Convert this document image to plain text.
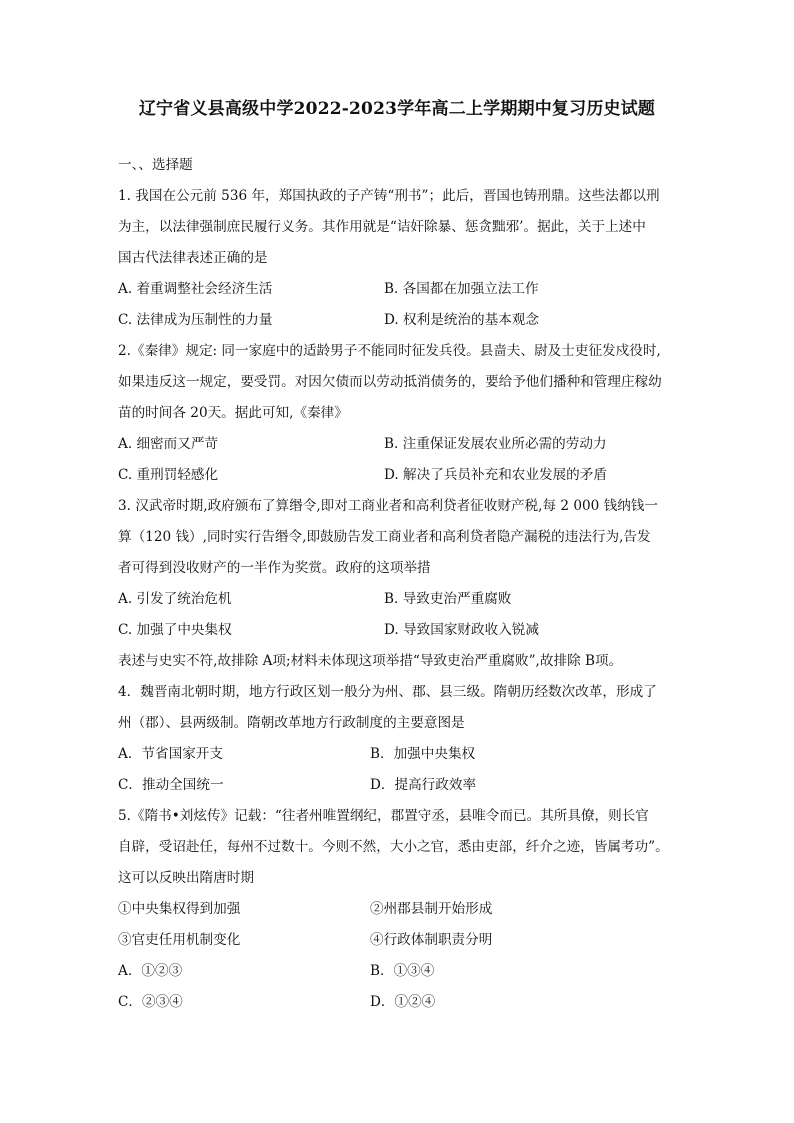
辽宁省义县高级中学2022-2023学年高二上学期期中复习历史试题
一、、选择题
1. 我国在公元前 536 年，郑国执政的子产铸“刑书”；此后，晋国也铸刑鼎。这些法都以刑
为主，以法律强制庶民履行义务。其作用就是“诘奸除暴、惩贪黜邪’。据此，关于上述中
国古代法律表述正确的是
A. 着重调整社会经济生活	B. 各国都在加强立法工作
C. 法律成为压制性的力量	D. 权利是统治的基本观念
2.《秦律》规定: 同一家庭中的适龄男子不能同时征发兵役。县啬夫、尉及士吏征发戍役时,
如果违反这一规定，要受罚。对因欠债而以劳动抵消债务的，要给予他们播种和管理庄稼幼
苗的时间各 20天。据此可知,《秦律》
A. 细密而又严苛	B. 注重保证发展农业所必需的劳动力
C. 重刑罚轻感化	D. 解决了兵员补充和农业发展的矛盾
3. 汉武帝时期,政府颁布了算缗令,即对工商业者和高利贷者征收财产税,每 2 000 钱纳钱一
算（120 钱）,同时实行告缗令,即鼓励告发工商业者和高利贷者隐产漏税的违法行为,告发
者可得到没收财产的一半作为奖赏。政府的这项举措
A. 引发了统治危机	B. 导致吏治严重腐败
C. 加强了中央集权	D. 导致国家财政收入锐减
表述与史实不符,故排除 A项;材料未体现这项举措“导致吏治严重腐败”,故排除 B项。
4．魏晋南北朝时期，地方行政区划一般分为州、郡、县三级。隋朝历经数次改革，形成了
州（郡）、县两级制。隋朝改革地方行政制度的主要意图是
A．节省国家开支	B．加强中央集权
C．推动全国统一	D．提高行政效率
5.《隋书•刘炫传》记载：“往者州唯置纲纪，郡置守丞，县唯令而已。其所具僚，则长官
自辟，受诏赴任，每州不过数十。今则不然，大小之官，悉由吏部，纤介之迹，皆属考功”。
这可以反映出隋唐时期
①中央集权得到加强	②州郡县制开始形成
③官吏任用机制变化	④行政体制职责分明
A．①②③	B．①③④
C．②③④	D．①②④
